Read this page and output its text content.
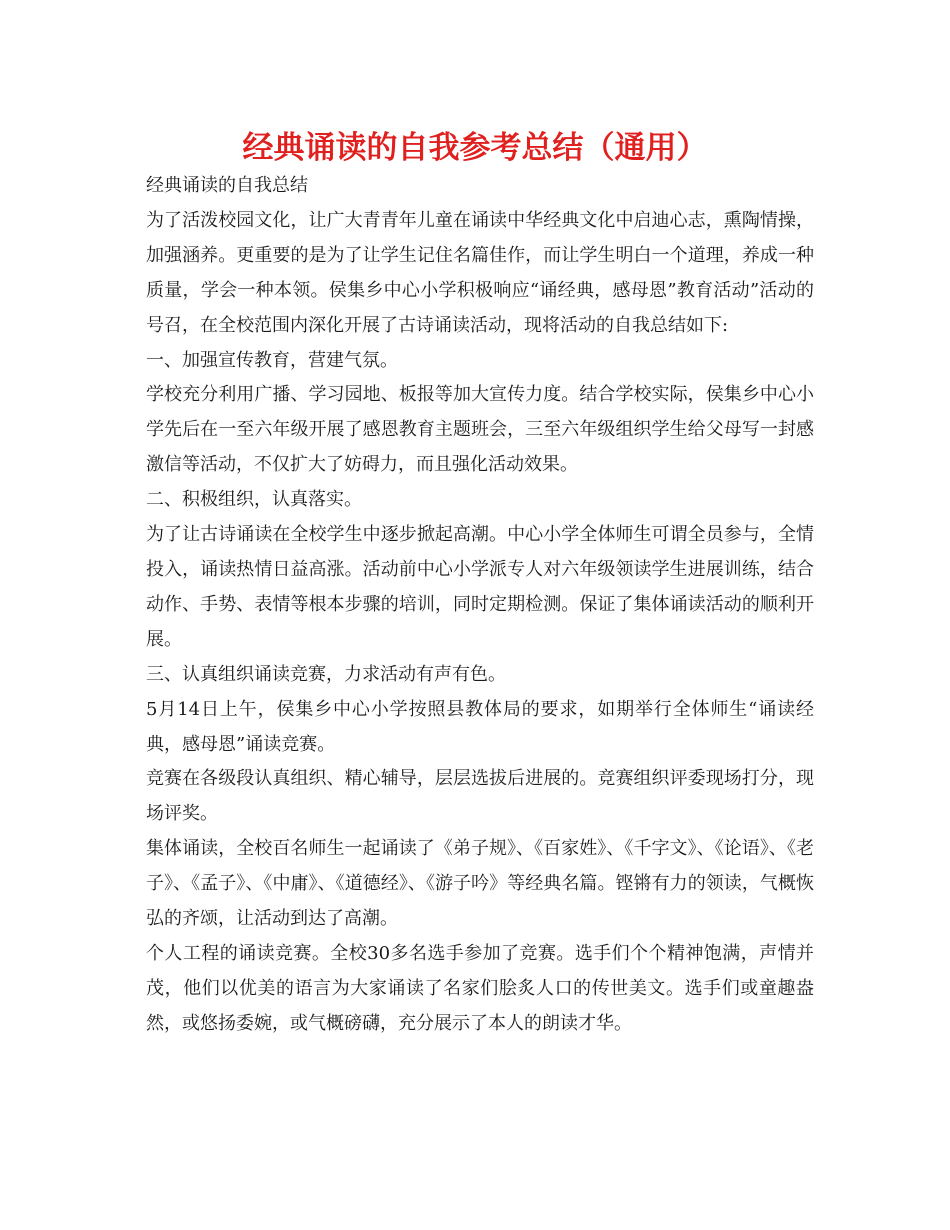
经典诵读的自我参考总结（通用）

经典诵读的自我总结

为了活泼校园文化，让广大青青年儿童在诵读中华经典文化中启迪心志，熏陶情操，加强涵养。更重要的是为了让学生记住名篇佳作，而让学生明白一个道理，养成一种质量，学会一种本领。侯集乡中心小学积极响应“诵经典，感母恩”教育活动”活动的号召，在全校范围内深化开展了古诗诵读活动，现将活动的自我总结如下:

一、加强宣传教育，营建气氛。

学校充分利用广播、学习园地、板报等加大宣传力度。结合学校实际，侯集乡中心小学先后在一至六年级开展了感恩教育主题班会，三至六年级组织学生给父母写一封感激信等活动，不仅扩大了妨碍力，而且强化活动效果。

二、积极组织，认真落实。

为了让古诗诵读在全校学生中逐步掀起高潮。中心小学全体师生可谓全员参与，全情投入，诵读热情日益高涨。活动前中心小学派专人对六年级领读学生进展训练，结合动作、手势、表情等根本步骤的培训，同时定期检测。保证了集体诵读活动的顺利开展。

三、认真组织诵读竞赛，力求活动有声有色。

5月14日上午，侯集乡中心小学按照县教体局的要求，如期举行全体师生“诵读经典，感母恩”诵读竞赛。

竞赛在各级段认真组织、精心辅导，层层选拔后进展的。竞赛组织评委现场打分，现场评奖。

集体诵读，全校百名师生一起诵读了《弟子规》、《百家姓》、《千字文》、《论语》、《老子》、《孟子》、《中庸》、《道德经》、《游子吟》等经典名篇。铿锵有力的领读，气概恢弘的齐颂，让活动到达了高潮。

个人工程的诵读竞赛。全校30多名选手参加了竞赛。选手们个个精神饱满，声情并茂，他们以优美的语言为大家诵读了名家们脍炙人口的传世美文。选手们或童趣盎然，或悠扬委婉，或气概磅礴，充分展示了本人的朗读才华。
